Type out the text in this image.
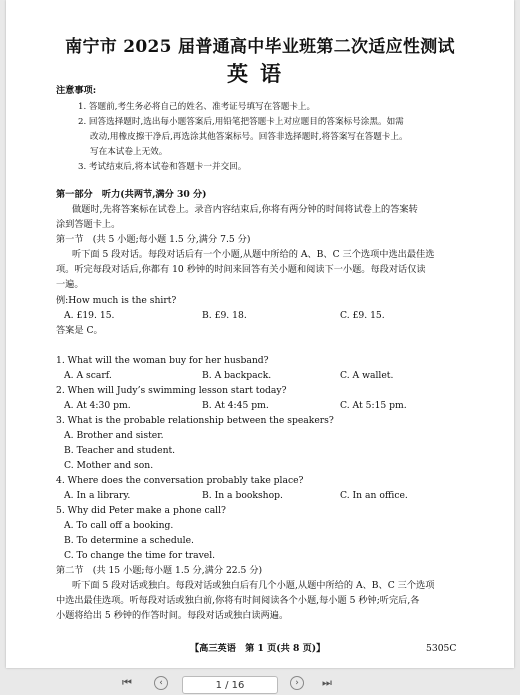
南宁市 2025 届普通高中毕业班第二次适应性测试
英语
注意事项:
1. 答题前,考生务必将自己的姓名、准考证号填写在答题卡上。
2. 回答选择题时,选出每小题答案后,用铅笔把答题卡上对应题目的答案标号涂黑。如需
改动,用橡皮擦干净后,再选涂其他答案标号。回答非选择题时,将答案写在答题卡上。
写在本试卷上无效。
3. 考试结束后,将本试卷和答题卡一并交回。
第一部分　听力(共两节,满分 30 分)
做题时,先将答案标在试卷上。录音内容结束后,你将有两分钟的时间将试卷上的答案转
涂到答题卡上。
第一节　(共 5 小题;每小题 1.5 分,满分 7.5 分)
听下面 5 段对话。每段对话后有一个小题,从题中所给的 A、B、C 三个选项中选出最佳选
项。听完每段对话后,你都有 10 秒钟的时间来回答有关小题和阅读下一小题。每段对话仅读
一遍。
例:How much is the shirt?
A. £19. 15.	B. £9. 18.	C. £9. 15.
答案是 C。
1. What will the woman buy for her husband?
A. A scarf.	B. A backpack.	C. A wallet.
2. When will Judy’s swimming lesson start today?
A. At 4:30 pm.	B. At 4:45 pm.	C. At 5:15 pm.
3. What is the probable relationship between the speakers?
A. Brother and sister.
B. Teacher and student.
C. Mother and son.
4. Where does the conversation probably take place?
A. In a library.	B. In a bookshop.	C. In an office.
5. Why did Peter make a phone call?
A. To call off a booking.
B. To determine a schedule.
C. To change the time for travel.
第二节　(共 15 小题;每小题 1.5 分,满分 22.5 分)
听下面 5 段对话或独白。每段对话或独白后有几个小题,从题中所给的 A、B、C 三个选项
中选出最佳选项。听每段对话或独白前,你将有时间阅读各个小题,每小题 5 秒钟;听完后,各
小题将给出 5 秒钟的作答时间。每段对话或独白读两遍。
【高三英语　第 1 页(共 8 页)】	5305C
⏮	‹	1 / 16	›	⏭
